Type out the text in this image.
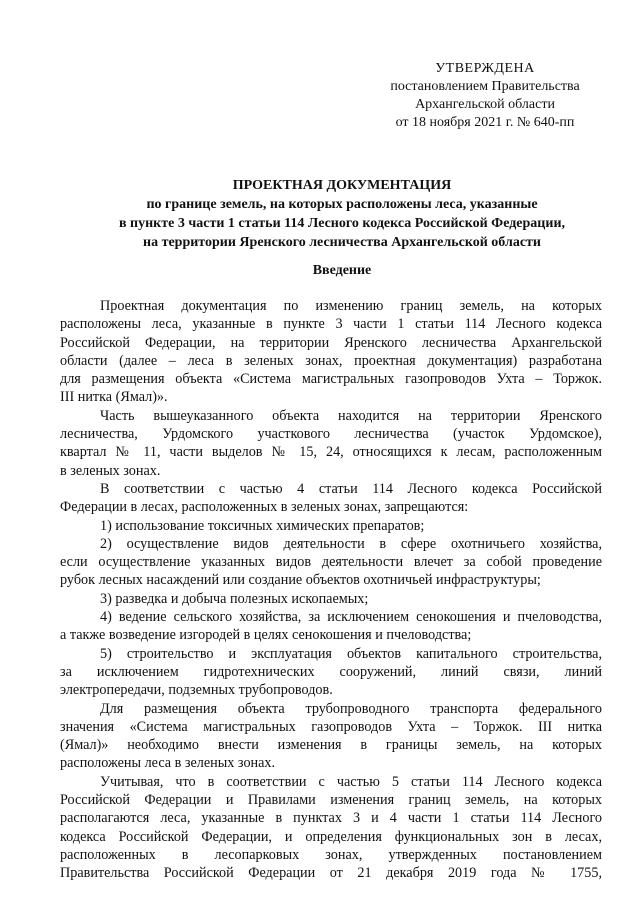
УТВЕРЖДЕНА
постановлением Правительства
Архангельской области
от 18 ноября 2021 г. № 640-пп
ПРОЕКТНАЯ ДОКУМЕНТАЦИЯ
по границе земель, на которых расположены леса, указанные
в пункте 3 части 1 статьи 114 Лесного кодекса Российской Федерации,
на территории Яренского лесничества Архангельской области
Введение
Проектная документация по изменению границ земель, на которых
расположены леса, указанные в пункте 3 части 1 статьи 114 Лесного кодекса
Российской Федерации, на территории Яренского лесничества Архангельской
области (далее – леса в зеленых зонах, проектная документация) разработана
для размещения объекта «Система магистральных газопроводов Ухта – Торжок.
III нитка (Ямал)».
Часть вышеуказанного объекта находится на территории Яренского
лесничества, Урдомского участкового лесничества (участок Урдомское),
квартал № 11, части выделов № 15, 24, относящихся к лесам, расположенным
в зеленых зонах.
В соответствии с частью 4 статьи 114 Лесного кодекса Российской
Федерации в лесах, расположенных в зеленых зонах, запрещаются:
1) использование токсичных химических препаратов;
2) осуществление видов деятельности в сфере охотничьего хозяйства,
если осуществление указанных видов деятельности влечет за собой проведение
рубок лесных насаждений или создание объектов охотничьей инфраструктуры;
3) разведка и добыча полезных ископаемых;
4) ведение сельского хозяйства, за исключением сенокошения и пчеловодства,
а также возведение изгородей в целях сенокошения и пчеловодства;
5) строительство и эксплуатация объектов капитального строительства,
за исключением гидротехнических сооружений, линий связи, линий
электропередачи, подземных трубопроводов.
Для размещения объекта трубопроводного транспорта федерального
значения «Система магистральных газопроводов Ухта – Торжок. III нитка
(Ямал)» необходимо внести изменения в границы земель, на которых
расположены леса в зеленых зонах.
Учитывая, что в соответствии с частью 5 статьи 114 Лесного кодекса
Российской Федерации и Правилами изменения границ земель, на которых
располагаются леса, указанные в пунктах 3 и 4 части 1 статьи 114 Лесного
кодекса Российской Федерации, и определения функциональных зон в лесах,
расположенных в лесопарковых зонах, утвержденных постановлением
Правительства Российской Федерации от 21 декабря 2019 года № 1755,
